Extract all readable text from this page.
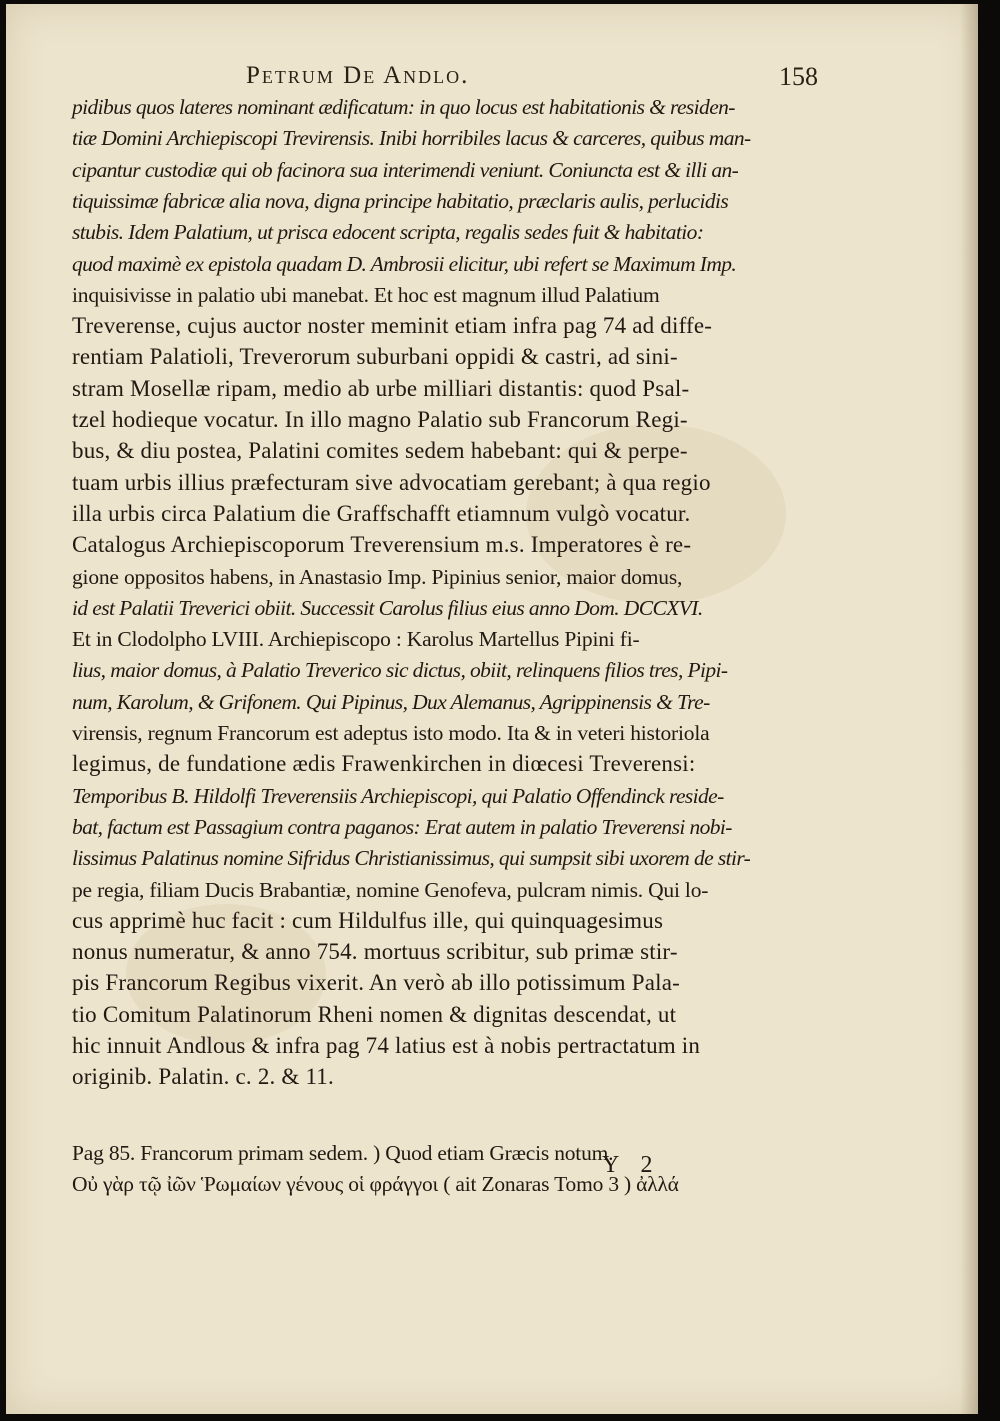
Petrum De Andlo.	158
pidibus quos lateres nominant ædificatum: in quo locus est habitationis & residen-
tiæ Domini Archiepiscopi Trevirensis. Inibi horribiles lacus & carceres, quibus man-
cipantur custodiæ qui ob facinora sua interimendi veniunt. Coniuncta est & illi an-
tiquissimæ fabricæ alia nova, digna principe habitatio, præclaris aulis, perlucidis
stubis. Idem Palatium, ut prisca edocent scripta, regalis sedes fuit & habitatio:
quod maximè ex epistola quadam D. Ambrosii elicitur, ubi refert se Maximum Imp.
inquisivisse in palatio ubi manebat. Et hoc est magnum illud Palatium
Treverense, cujus auctor noster meminit etiam infra pag 74 ad diffe-
rentiam Palatioli, Treverorum suburbani oppidi & castri, ad sini-
stram Mosellæ ripam, medio ab urbe milliari distantis: quod Psal-
tzel hodieque vocatur. In illo magno Palatio sub Francorum Regi-
bus, & diu postea, Palatini comites sedem habebant: qui & perpe-
tuam urbis illius præfecturam sive advocatiam gerebant; à qua regio
illa urbis circa Palatium die Graffschafft etiamnum vulgò vocatur.
Catalogus Archiepiscoporum Treverensium m.s. Imperatores è re-
gione oppositos habens, in Anastasio Imp. Pipinius senior, maior domus,
id est Palatii Treverici obiit. Successit Carolus filius eius anno Dom. DCCXVI.
Et in Clodolpho LVIII. Archiepiscopo : Karolus Martellus Pipini fi-
lius, maior domus, à Palatio Treverico sic dictus, obiit, relinquens filios tres, Pipi-
num, Karolum, & Grifonem. Qui Pipinus, Dux Alemanus, Agrippinensis & Tre-
virensis, regnum Francorum est adeptus isto modo. Ita & in veteri historiola
legimus, de fundatione ædis Frawenkirchen in diœcesi Treverensi:
Temporibus B. Hildolfi Treverensiis Archiepiscopi, qui Palatio Offendinck reside-
bat, factum est Passagium contra paganos: Erat autem in palatio Treverensi nobi-
lissimus Palatinus nomine Sifridus Christianissimus, qui sumpsit sibi uxorem de stir-
pe regia, filiam Ducis Brabantiæ, nomine Genofeva, pulcram nimis. Qui lo-
cus apprimè huc facit : cum Hildulfus ille, qui quinquagesimus
nonus numeratur, & anno 754. mortuus scribitur, sub primæ stir-
pis Francorum Regibus vixerit. An verò ab illo potissimum Pala-
tio Comitum Palatinorum Rheni nomen & dignitas descendat, ut
hic innuit Andlous & infra pag 74 latius est à nobis pertractatum in
originib. Palatin. c. 2. & 11.
Pag 85. Francorum primam sedem. ) Quod etiam Græcis notum.
Οὐ γὰρ τῷ ἰῶν Ῥωμαίων γένους οἱ φράγγοι ( ait Zonaras Tomo 3 ) ἀλλά
Y 2
